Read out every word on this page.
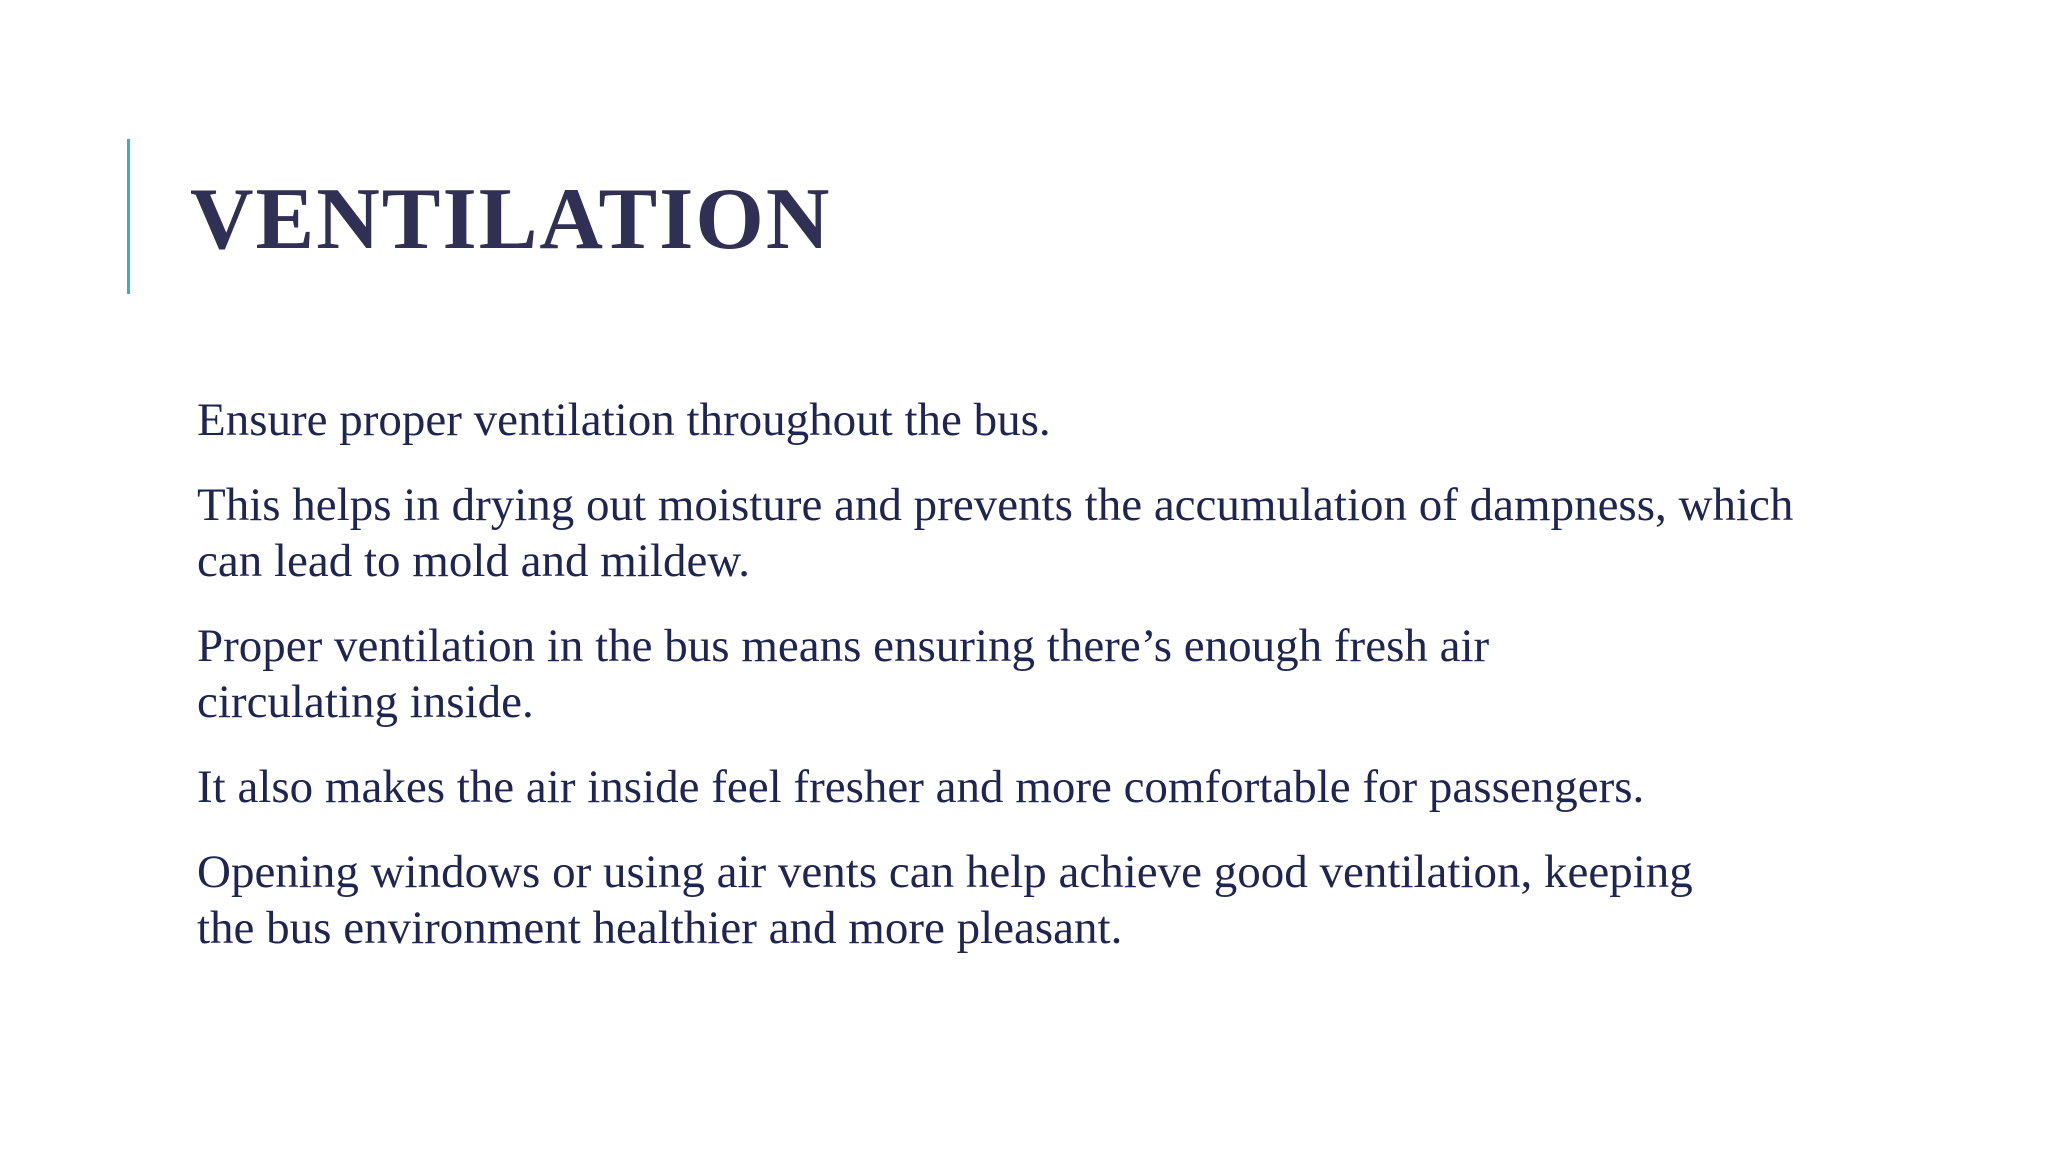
VENTILATION
Ensure proper ventilation throughout the bus.
This helps in drying out moisture and prevents the accumulation of dampness, which can lead to mold and mildew.
Proper ventilation in the bus means ensuring there’s enough fresh air circulating inside.
It also makes the air inside feel fresher and more comfortable for passengers.
Opening windows or using air vents can help achieve good ventilation, keeping the bus environment healthier and more pleasant.
